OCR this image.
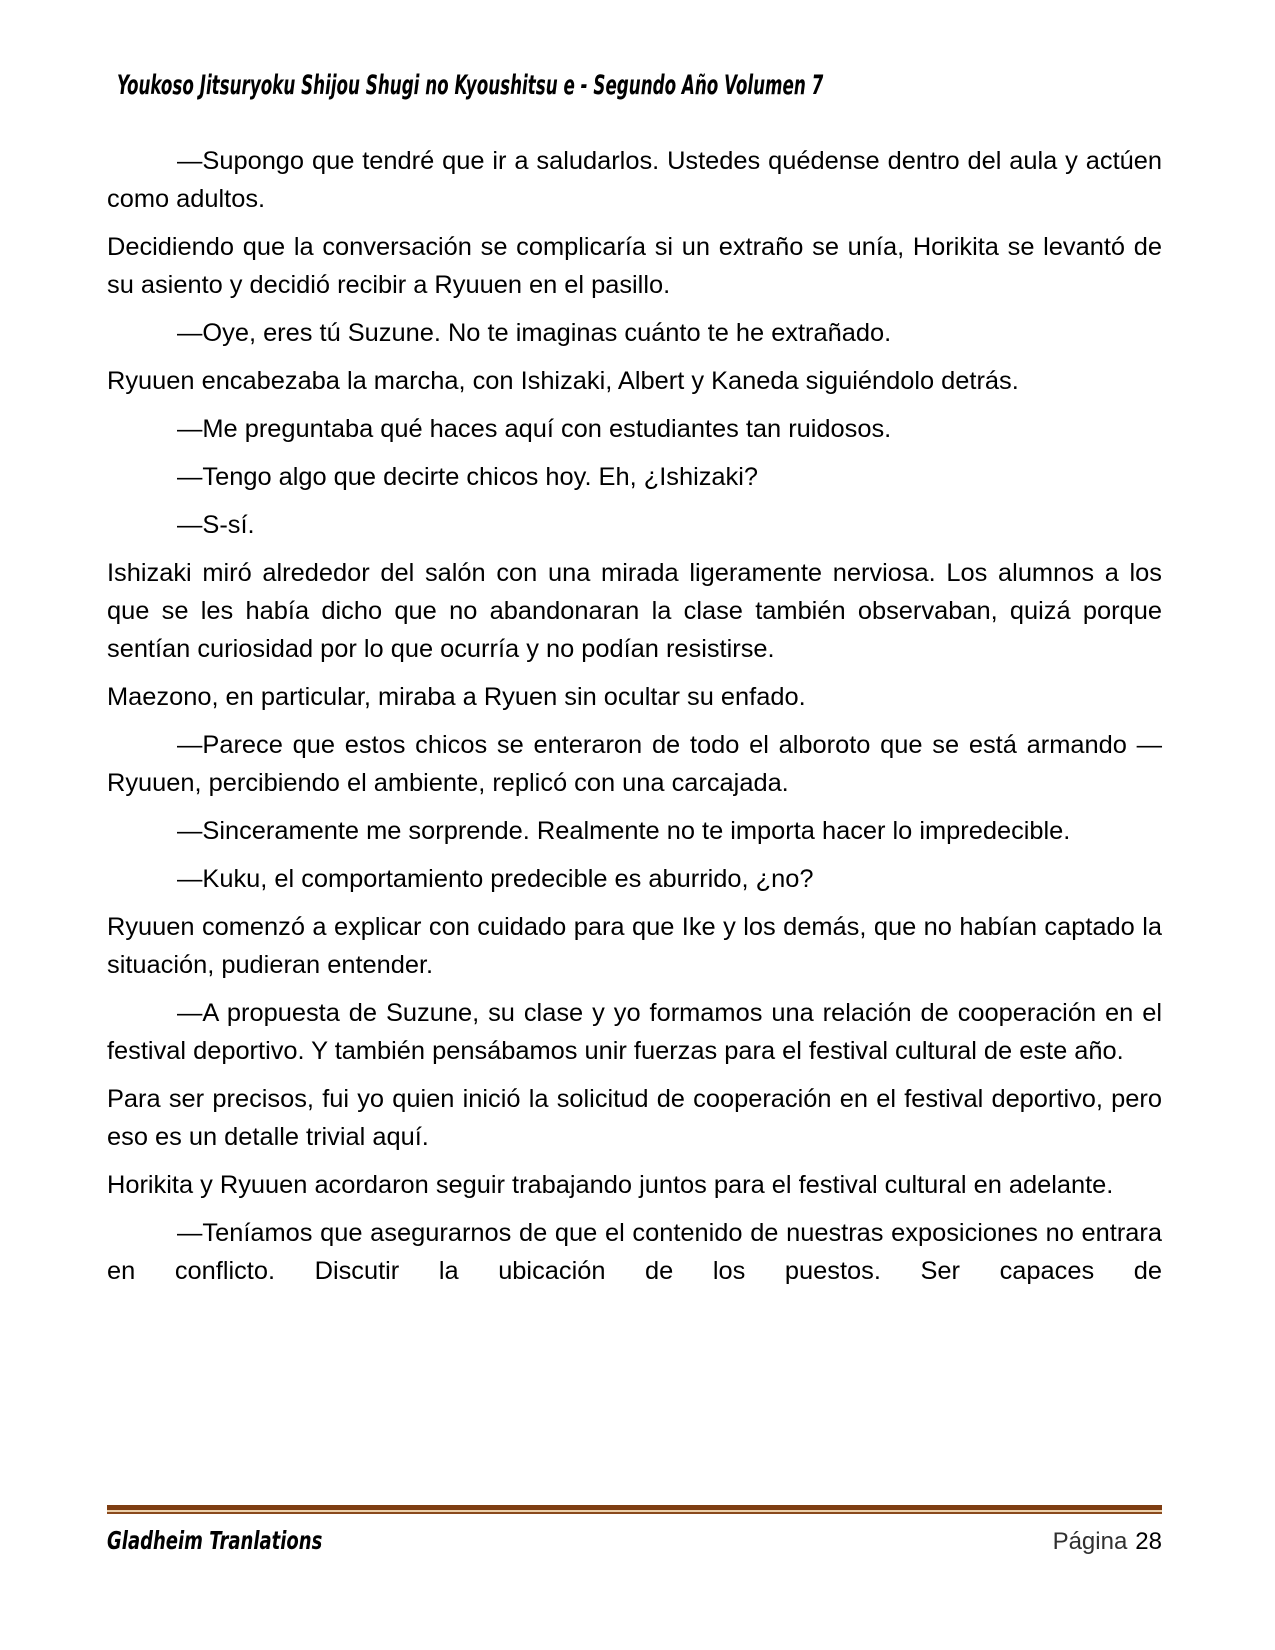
Youkoso Jitsuryoku Shijou Shugi no Kyoushitsu e - Segundo Año Volumen 7

—Supongo que tendré que ir a saludarlos. Ustedes quédense dentro del aula y actúen como adultos.

Decidiendo que la conversación se complicaría si un extraño se unía, Horikita se levantó de su asiento y decidió recibir a Ryuuen en el pasillo.

—Oye, eres tú Suzune. No te imaginas cuánto te he extrañado.

Ryuuen encabezaba la marcha, con Ishizaki, Albert y Kaneda siguiéndolo detrás.

—Me preguntaba qué haces aquí con estudiantes tan ruidosos.

—Tengo algo que decirte chicos hoy. Eh, ¿Ishizaki?

—S-sí.

Ishizaki miró alrededor del salón con una mirada ligeramente nerviosa. Los alumnos a los que se les había dicho que no abandonaran la clase también observaban, quizá porque sentían curiosidad por lo que ocurría y no podían resistirse.

Maezono, en particular, miraba a Ryuen sin ocultar su enfado.

—Parece que estos chicos se enteraron de todo el alboroto que se está armando —Ryuuen, percibiendo el ambiente, replicó con una carcajada.

—Sinceramente me sorprende. Realmente no te importa hacer lo impredecible.

—Kuku, el comportamiento predecible es aburrido, ¿no?

Ryuuen comenzó a explicar con cuidado para que Ike y los demás, que no habían captado la situación, pudieran entender.

—A propuesta de Suzune, su clase y yo formamos una relación de cooperación en el festival deportivo. Y también pensábamos unir fuerzas para el festival cultural de este año.

Para ser precisos, fui yo quien inició la solicitud de cooperación en el festival deportivo, pero eso es un detalle trivial aquí.

Horikita y Ryuuen acordaron seguir trabajando juntos para el festival cultural en adelante.

—Teníamos que asegurarnos de que el contenido de nuestras exposiciones no entrara en conflicto. Discutir la ubicación de los puestos. Ser capaces de

Gladheim Tranlations	Página 28
